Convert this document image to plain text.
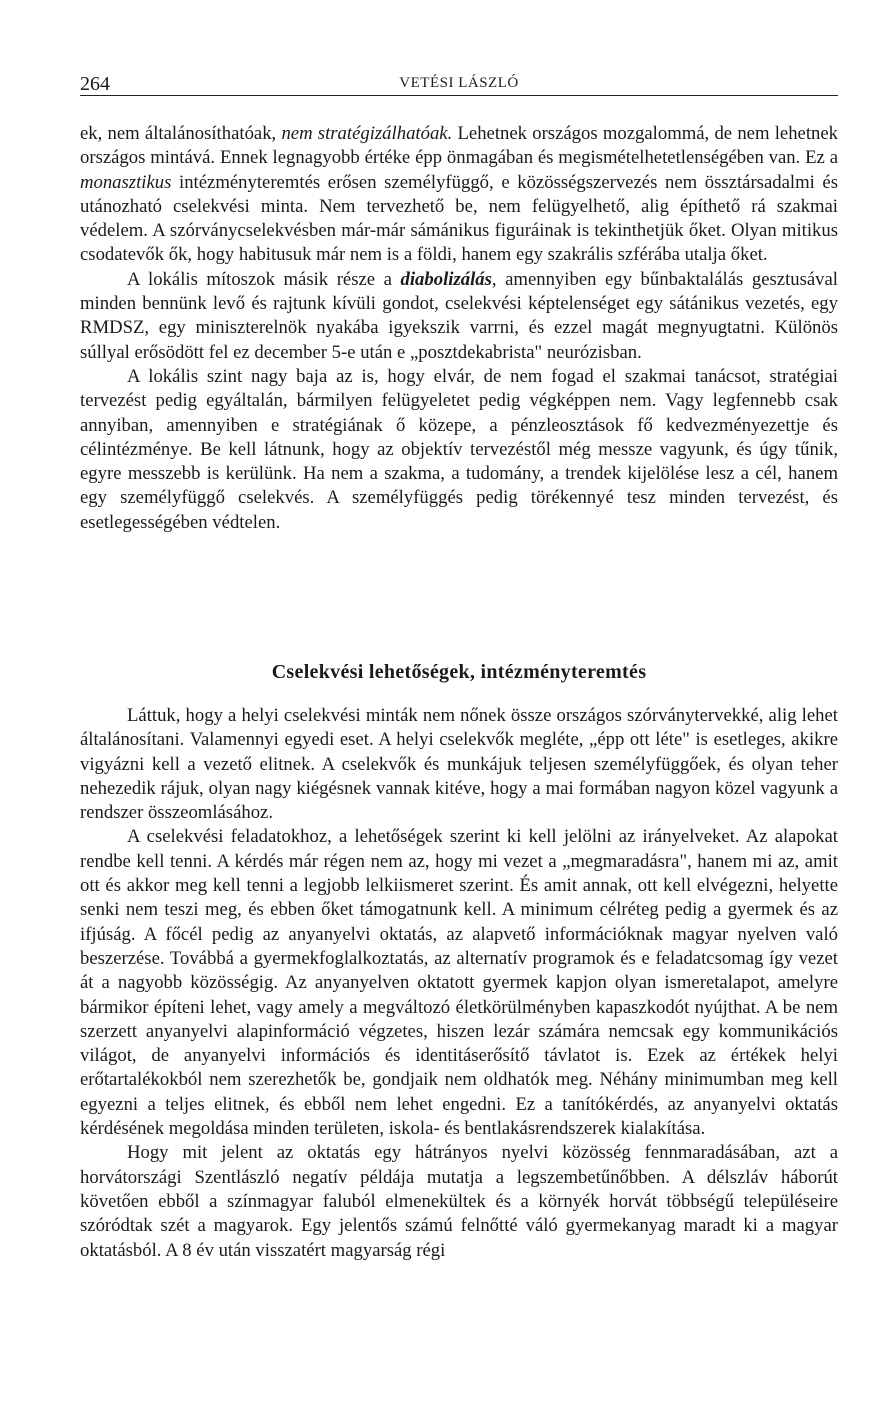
264	VETÉSI LÁSZLÓ

ek, nem általánosíthatóak, nem stratégizálhatóak. Lehetnek országos mozgalommá, de nem lehetnek országos mintává. Ennek legnagyobb értéke épp önmagában és megismételhetetlenségében van. Ez a monasztikus intézményteremtés erősen személyfüggő, e közösségszervezés nem össztársadalmi és utánozható cselekvési minta. Nem tervezhető be, nem felügyelhető, alig építhető rá szakmai védelem. A szórványcselekvésben már-már sámánikus figuráinak is tekinthetjük őket. Olyan mitikus csodatevők ők, hogy habitusuk már nem is a földi, hanem egy szakrális szférába utalja őket.

A lokális mítoszok másik része a diabolizálás, amennyiben egy bűnbaktalálás gesztusával minden bennünk levő és rajtunk kívüli gondot, cselekvési képtelenséget egy sátánikus vezetés, egy RMDSZ, egy miniszterelnök nyakába igyekszik varrni, és ezzel magát megnyugtatni. Különös súllyal erősödött fel ez december 5-e után e „posztdekabrista" neurózisban.

A lokális szint nagy baja az is, hogy elvár, de nem fogad el szakmai tanácsot, stratégiai tervezést pedig egyáltalán, bármilyen felügyeletet pedig végképpen nem. Vagy legfennebb csak annyiban, amennyiben e stratégiának ő közepe, a pénzleosztások fő kedvezményezettje és célintézménye. Be kell látnunk, hogy az objektív tervezéstől még messze vagyunk, és úgy tűnik, egyre messzebb is kerülünk. Ha nem a szakma, a tudomány, a trendek kijelölése lesz a cél, hanem egy személyfüggő cselekvés. A személyfüggés pedig törékennyé tesz minden tervezést, és esetlegességében védtelen.

Cselekvési lehetőségek, intézményteremtés

Láttuk, hogy a helyi cselekvési minták nem nőnek össze országos szórványtervekké, alig lehet általánosítani. Valamennyi egyedi eset. A helyi cselekvők megléte, „épp ott léte" is esetleges, akikre vigyázni kell a vezető elitnek. A cselekvők és munkájuk teljesen személyfüggőek, és olyan teher nehezedik rájuk, olyan nagy kiégésnek vannak kitéve, hogy a mai formában nagyon közel vagyunk a rendszer összeomlásához.

A cselekvési feladatokhoz, a lehetőségek szerint ki kell jelölni az irányelveket. Az alapokat rendbe kell tenni. A kérdés már régen nem az, hogy mi vezet a „megmaradásra", hanem mi az, amit ott és akkor meg kell tenni a legjobb lelkiismeret szerint. És amit annak, ott kell elvégezni, helyette senki nem teszi meg, és ebben őket támogatnunk kell. A minimum célréteg pedig a gyermek és az ifjúság. A főcél pedig az anyanyelvi oktatás, az alapvető információknak magyar nyelven való beszerzése. Továbbá a gyermekfoglalkoztatás, az alternatív programok és e feladatcsomag így vezet át a nagyobb közösségig. Az anyanyelven oktatott gyermek kapjon olyan ismeretalapot, amelyre bármikor építeni lehet, vagy amely a megváltozó életkörülményben kapaszkodót nyújthat. A be nem szerzett anyanyelvi alapinformáció végzetes, hiszen lezár számára nemcsak egy kommunikációs világot, de anyanyelvi információs és identitáserősítő távlatot is. Ezek az értékek helyi erőtartalékokból nem szerezhetők be, gondjaik nem oldhatók meg. Néhány minimumban meg kell egyezni a teljes elitnek, és ebből nem lehet engedni. Ez a tanítókérdés, az anyanyelvi oktatás kérdésének megoldása minden területen, iskola- és bentlakásrendszerek kialakítása.

Hogy mit jelent az oktatás egy hátrányos nyelvi közösség fennmaradásában, azt a horvátországi Szentlászló negatív példája mutatja a legszembetűnőbben. A délszláv háborút követően ebből a színmagyar faluból elmenekültek és a környék horvát többségű településeire szóródtak szét a magyarok. Egy jelentős számú felnőtté váló gyermekanyag maradt ki a magyar oktatásból. A 8 év után visszatért magyarság régi
